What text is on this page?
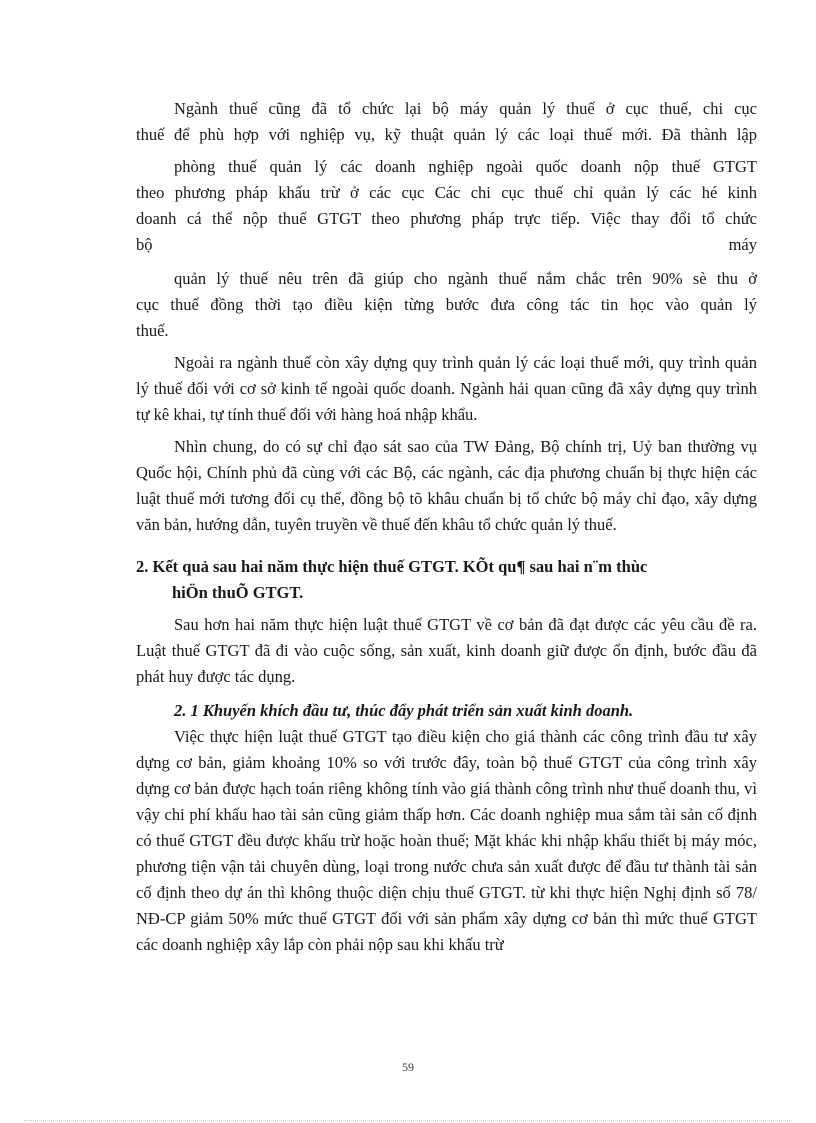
Ngành thuế cũng đã tổ chức lại bộ máy quản lý thuế ở cục thuế, chi cục
thuế để phù hợp với nghiệp vụ, kỹ thuật quản lý các loại thuế mới. Đã thành lập
phòng thuế quản lý các doanh nghiệp ngoài quốc doanh nộp thuế GTGT
theo phương pháp khấu trừ ở các cục Các chi cục thuế chỉ quản lý các hé kinh
doanh cá thể nộp thuế GTGT theo phương pháp trực tiếp. Việc thay đổi tổ chức
bộ	máy
quản lý thuế nêu trên đã giúp cho ngành thuế nắm chắc trên 90% sè thu ở
cục thuế đồng thời tạo điều kiện từng bước đưa công tác tin học vào quản lý
thuế.

Ngoài ra ngành thuế còn xây dựng quy trình quản lý các loại thuế mới, quy trình quản lý thuế đối với cơ sở kinh tế ngoài quốc doanh. Ngành hải quan cũng đã xây dựng quy trình tự kê khai, tự tính thuế đối với hàng hoá nhập khẩu.

Nhìn chung, do có sự chỉ đạo sát sao của TW Đảng, Bộ chính trị, Uỷ ban thường vụ Quốc hội, Chính phủ đã cùng với các Bộ, các ngành, các địa phương chuẩn bị thực hiện các luật thuế mới tương đối cụ thể, đồng bộ tõ khâu chuẩn bị tổ chức bộ máy chỉ đạo, xây dựng văn bản, hướng dẫn, tuyên truyền về thuế đến khâu tổ chức quản lý thuế.

2. Kết quả sau hai năm thực hiện thuế GTGT. KÕt qu¶ sau hai n¨m thùc
hiÖn thuÕ GTGT.

Sau hơn hai năm thực hiện luật thuế GTGT về cơ bản đã đạt được các yêu cầu đề ra. Luật thuế GTGT đã đi vào cuộc sống, sản xuất, kinh doanh giữ được ổn định, bước đầu đã phát huy được tác dụng.

2. 1 Khuyến khích đầu tư, thúc đẩy phát triển sản xuất kinh doanh.

Việc thực hiện luật thuế GTGT tạo điều kiện cho giá thành các công trình đầu tư xây dựng cơ bản, giảm khoảng 10% so với trước đây, toàn bộ thuế GTGT của công trình xây dựng cơ bản được hạch toán riêng không tính vào giá thành công trình như thuế doanh thu, vì vậy chi phí khấu hao tài sản cũng giảm thấp hơn. Các doanh nghiệp mua sắm tài sản cố định có thuế GTGT đều được khấu trừ hoặc hoàn thuế; Mặt khác khi nhập khẩu thiết bị máy móc, phương tiện vận tải chuyên dùng, loại trong nước chưa sản xuất được để đầu tư thành tài sản cố định theo dự án thì không thuộc diện chịu thuế GTGT. từ khi thực hiện Nghị định số 78/ NĐ-CP giảm 50% mức thuế GTGT đối với sản phẩm xây dựng cơ bản thì mức thuế GTGT các doanh nghiệp xây lắp còn phải nộp sau khi khấu trừ

59
